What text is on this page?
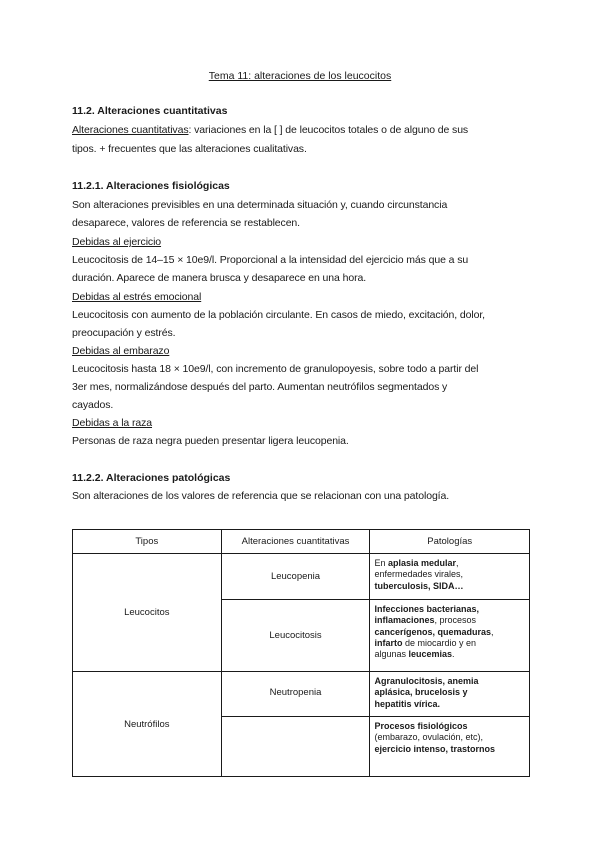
Tema 11: alteraciones de los leucocitos
11.2. Alteraciones cuantitativas
Alteraciones cuantitativas: variaciones en la [ ] de leucocitos totales o de alguno de sus
tipos. + frecuentes que las alteraciones cualitativas.
11.2.1. Alteraciones fisiológicas
Son alteraciones previsibles en una determinada situación y, cuando circunstancia
desaparece, valores de referencia se restablecen.
Debidas al ejercicio
Leucocitosis de 14–15 × 10e9/l. Proporcional a la intensidad del ejercicio más que a su
duración. Aparece de manera brusca y desaparece en una hora.
Debidas al estrés emocional
Leucocitosis con aumento de la población circulante. En casos de miedo, excitación, dolor,
preocupación y estrés.
Debidas al embarazo
Leucocitosis hasta 18 × 10e9/l, con incremento de granulopoyesis, sobre todo a partir del
3er mes, normalizándose después del parto. Aumentan neutrófilos segmentados y
cayados.
Debidas a la raza
Personas de raza negra pueden presentar ligera leucopenia.
11.2.2. Alteraciones patológicas
Son alteraciones de los valores de referencia que se relacionan con una patología.
Tipos	Alteraciones cuantitativas	Patologías
Leucocitos	Leucopenia	En aplasia medular,
enfermedades virales,
tuberculosis, SIDA…
	Leucocitosis	Infecciones bacterianas,
inflamaciones, procesos
cancerígenos, quemaduras,
infarto de miocardio y en
algunas leucemias.
Neutrófilos	Neutropenia	Agranulocitosis, anemia
aplásica, brucelosis y
hepatitis vírica.
		Procesos fisiológicos
(embarazo, ovulación, etc),
ejercicio intenso, trastornos
